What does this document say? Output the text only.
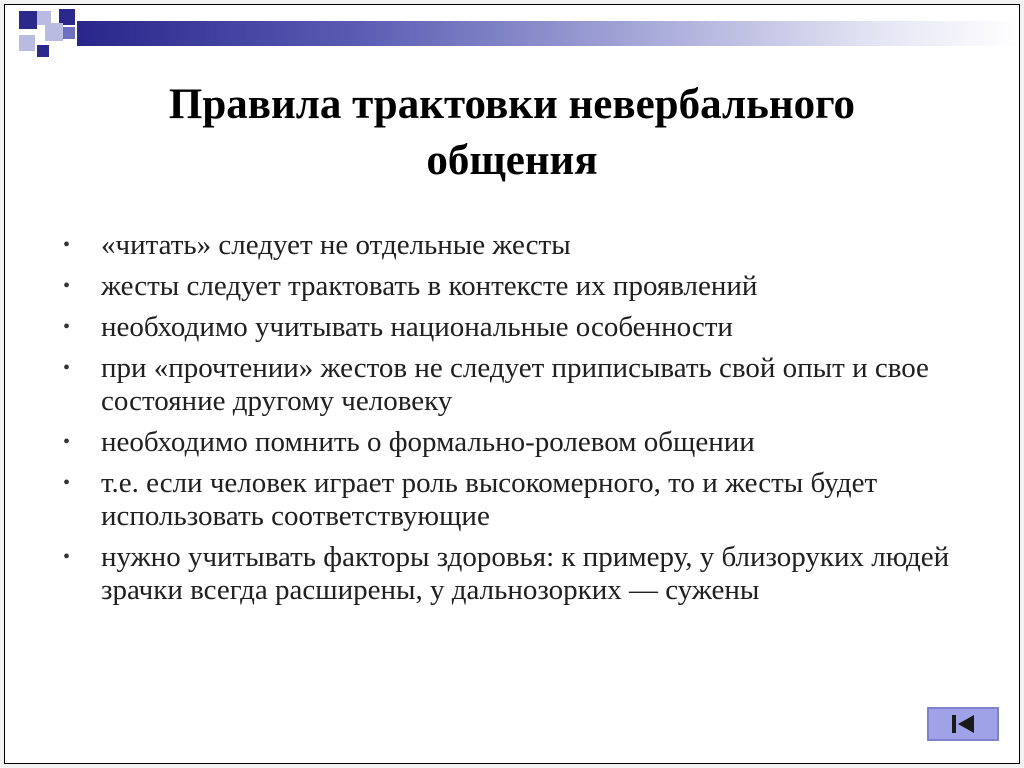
Правила трактовки невербального
общения
• «читать» следует не отдельные жесты
• жесты следует трактовать в контексте их проявлений
• необходимо учитывать национальные особенности
• при «прочтении» жестов не следует приписывать свой опыт и свое состояние другому человеку
• необходимо помнить о формально-ролевом общении
• т.е. если человек играет роль высокомерного, то и жесты будет использовать соответствующие
• нужно учитывать факторы здоровья: к примеру, у близоруких людей зрачки всегда расширены, у дальнозорких — сужены
